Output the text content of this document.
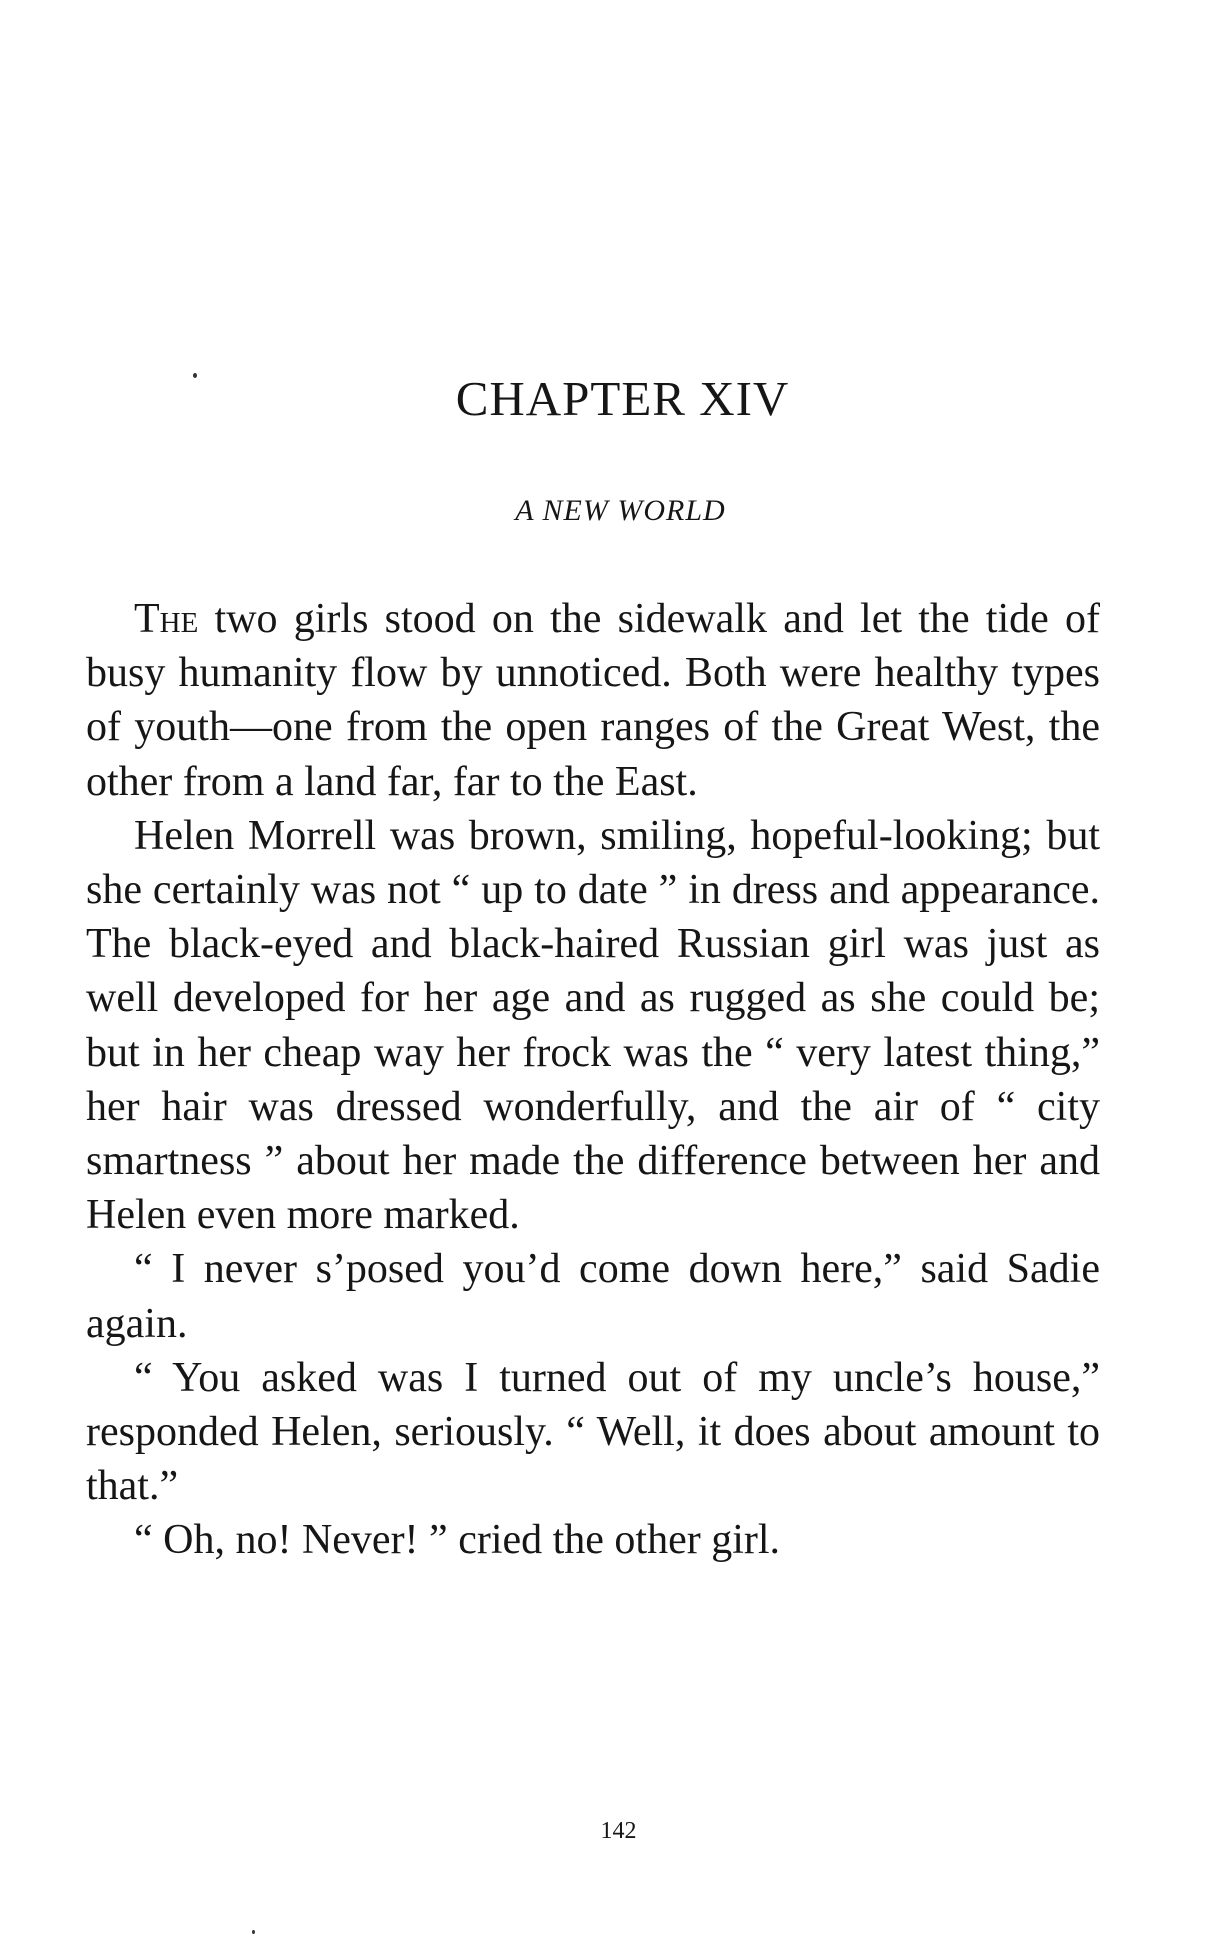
CHAPTER XIV
A NEW WORLD

The two girls stood on the sidewalk and let the tide of busy humanity flow by unnoticed. Both were healthy types of youth—one from the open ranges of the Great West, the other from a land far, far to the East.

Helen Morrell was brown, smiling, hopeful-looking; but she certainly was not “ up to date ” in dress and appearance. The black-eyed and black-haired Russian girl was just as well developed for her age and as rugged as she could be; but in her cheap way her frock was the “ very latest thing,” her hair was dressed wonderfully, and the air of “ city smartness ” about her made the difference between her and Helen even more marked.

“ I never s’posed you’d come down here,” said Sadie again.

“ You asked was I turned out of my uncle’s house,” responded Helen, seriously. “ Well, it does about amount to that.”

“ Oh, no! Never! ” cried the other girl.

142
